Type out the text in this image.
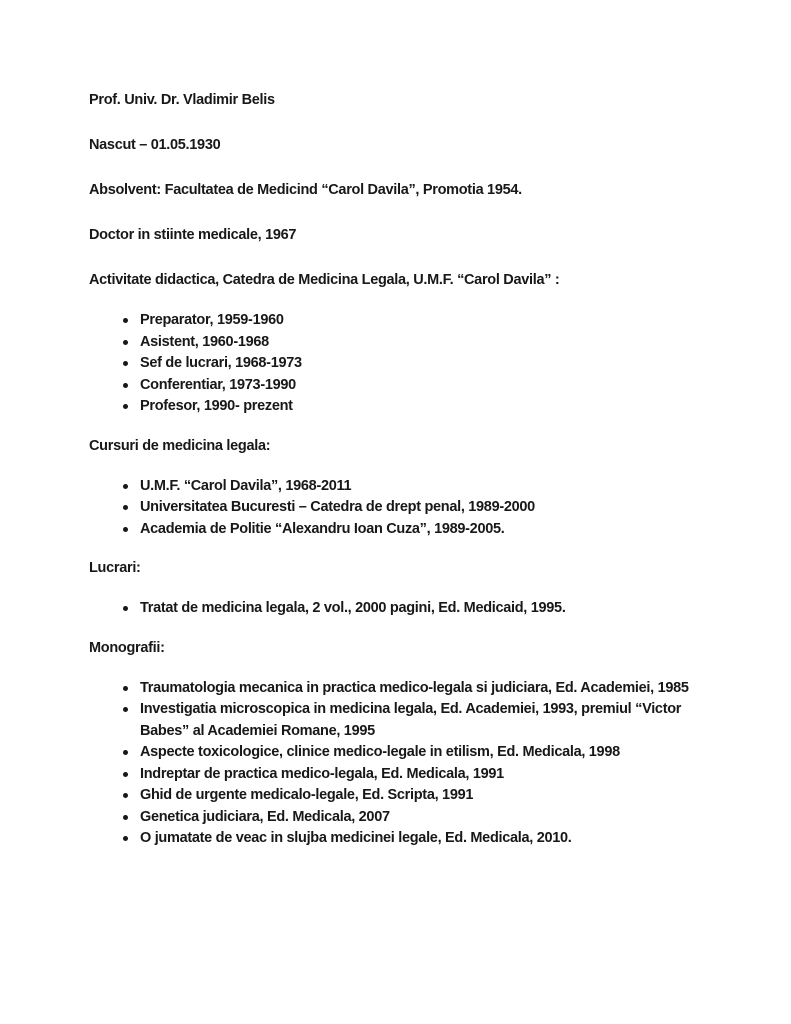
Prof. Univ. Dr. Vladimir Belis

Nascut – 01.05.1930

Absolvent: Facultatea de Medicind “Carol Davila”, Promotia 1954.

Doctor in stiinte medicale, 1967

Activitate didactica, Catedra de Medicina Legala, U.M.F. “Carol Davila” :
Preparator, 1959-1960
Asistent, 1960-1968
Sef de lucrari, 1968-1973
Conferentiar, 1973-1990
Profesor, 1990- prezent
Cursuri de medicina legala:
U.M.F. “Carol Davila”, 1968-2011
Universitatea Bucuresti – Catedra de drept penal, 1989-2000
Academia de Politie “Alexandru Ioan Cuza”, 1989-2005.
Lucrari:
Tratat de medicina legala, 2 vol., 2000 pagini, Ed. Medicaid, 1995.
Monografii:
Traumatologia mecanica in practica medico-legala si judiciara, Ed. Academiei, 1985
Investigatia microscopica in medicina legala, Ed. Academiei, 1993, premiul “Victor Babes” al Academiei Romane, 1995
Aspecte toxicologice, clinice medico-legale in etilism, Ed. Medicala, 1998
Indreptar de practica medico-legala, Ed. Medicala, 1991
Ghid de urgente medicalo-legale, Ed. Scripta, 1991
Genetica judiciara, Ed. Medicala, 2007
O jumatate de veac in slujba medicinei legale, Ed. Medicala, 2010.
